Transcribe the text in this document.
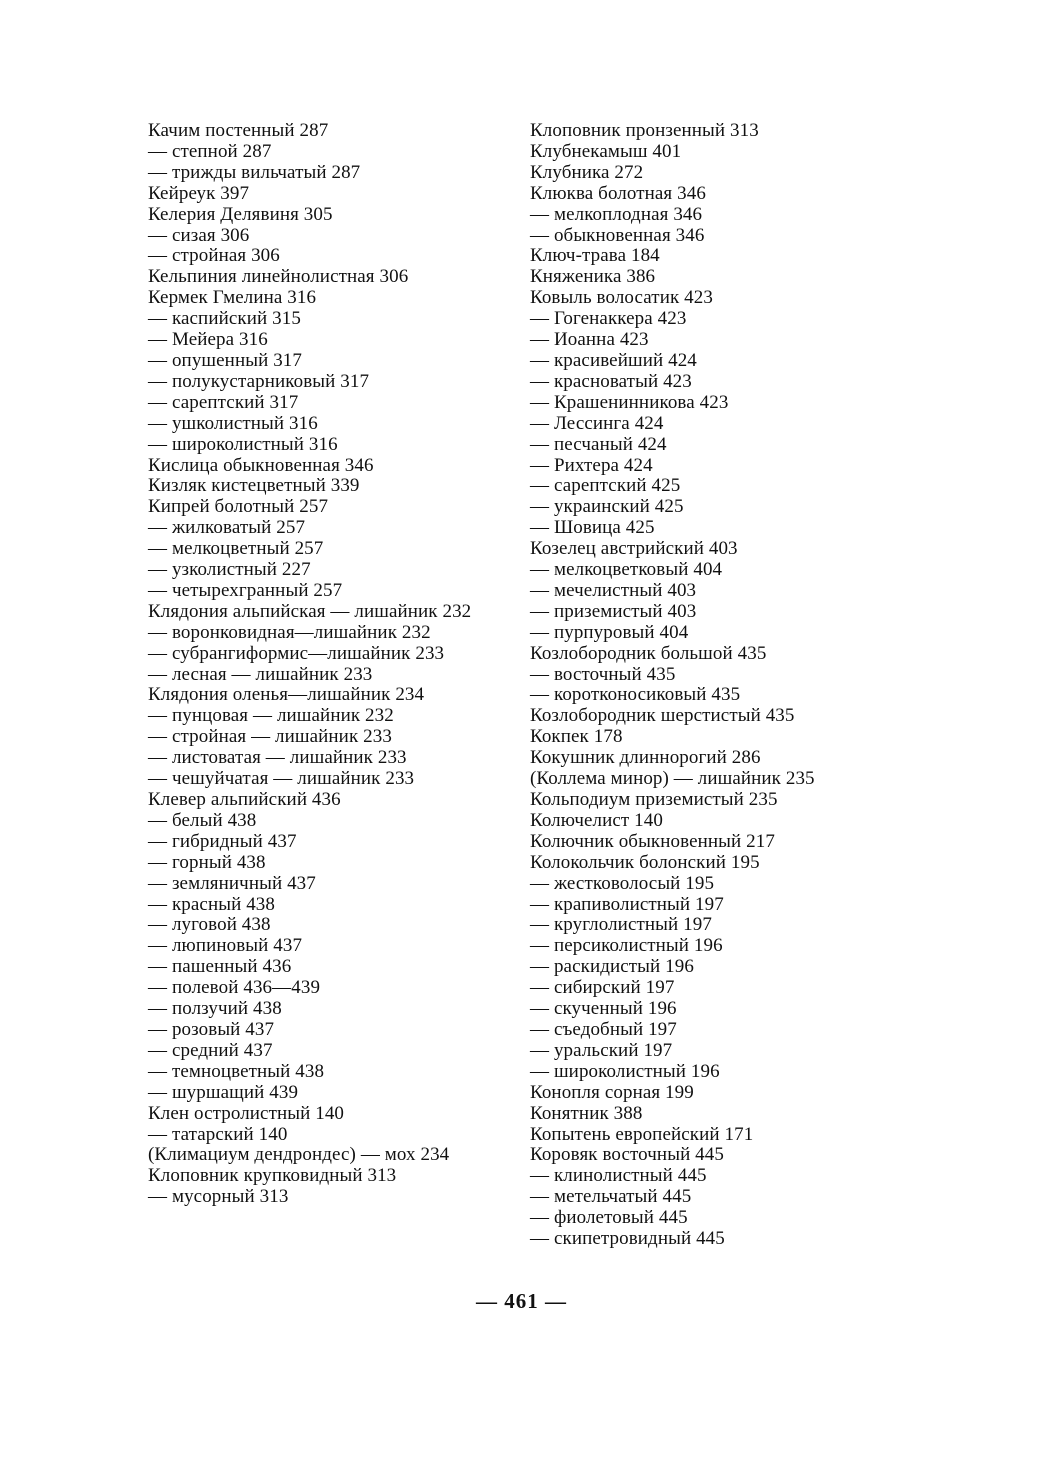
Качим постенный 287
— степной 287
— трижды вильчатый 287
Кейреук 397
Келерия Делявиня 305
— сизая 306
— стройная 306
Кельпиния линейнолистная 306
Кермек Гмелина 316
— каспийский 315
— Мейера 316
— опушенный 317
— полукустарниковый 317
— сарептский 317
— ушколистный 316
— широколистный 316
Кислица обыкновенная 346
Кизляк кистецветный 339
Кипрей болотный 257
— жилковатый 257
— мелкоцветный 257
— узколистный 227
— четырехгранный 257
Клядония альпийская — лишайник 232
— воронковидная—лишайник 232
— субрангиформис—лишайник 233
— лесная — лишайник 233
Клядония оленья—лишайник 234
— пунцовая — лишайник 232
— стройная — лишайник 233
— листоватая — лишайник 233
— чешуйчатая — лишайник 233
Клевер альпийский 436
— белый 438
— гибридный 437
— горный 438
— земляничный 437
— красный 438
— луговой 438
— люпиновый 437
— пашенный 436
— полевой 436—439
— ползучий 438
— розовый 437
— средний 437
— темноцветный 438
— шуршащий 439
Клен остролистный 140
— татарский 140
(Климациум дендрондес) — мох 234
Клоповник крупковидный 313
— мусорный 313
Клоповник пронзенный 313
Клубнекамыш 401
Клубника 272
Клюква болотная 346
— мелкоплодная 346
— обыкновенная 346
Ключ-трава 184
Княженика 386
Ковыль волосатик 423
— Гогенаккера 423
— Иоанна 423
— красивейший 424
— красноватый 423
— Крашенинникова 423
— Лессинга 424
— песчаный 424
— Рихтера 424
— сарептский 425
— украинский 425
— Шовица 425
Козелец австрийский 403
— мелкоцветковый 404
— мечелистный 403
— приземистый 403
— пурпуровый 404
Козлобородник большой 435
— восточный 435
— коротконосиковый 435
Козлобородник шерстистый 435
Кокпек 178
Кокушник длиннорогий 286
(Коллема минор) — лишайник 235
Кольподиум приземистый 235
Колючелист 140
Колючник обыкновенный 217
Колокольчик болонский 195
— жестковолосый 195
— крапиволистный 197
— круглолистный 197
— персиколистный 196
— раскидистый 196
— сибирский 197
— скученный 196
— съедобный 197
— уральский 197
— широколистный 196
Конопля сорная 199
Конятник 388
Копытень европейский 171
Коровяк восточный 445
— клинолистный 445
— метельчатый 445
— фиолетовый 445
— скипетровидный 445
— 461 —
